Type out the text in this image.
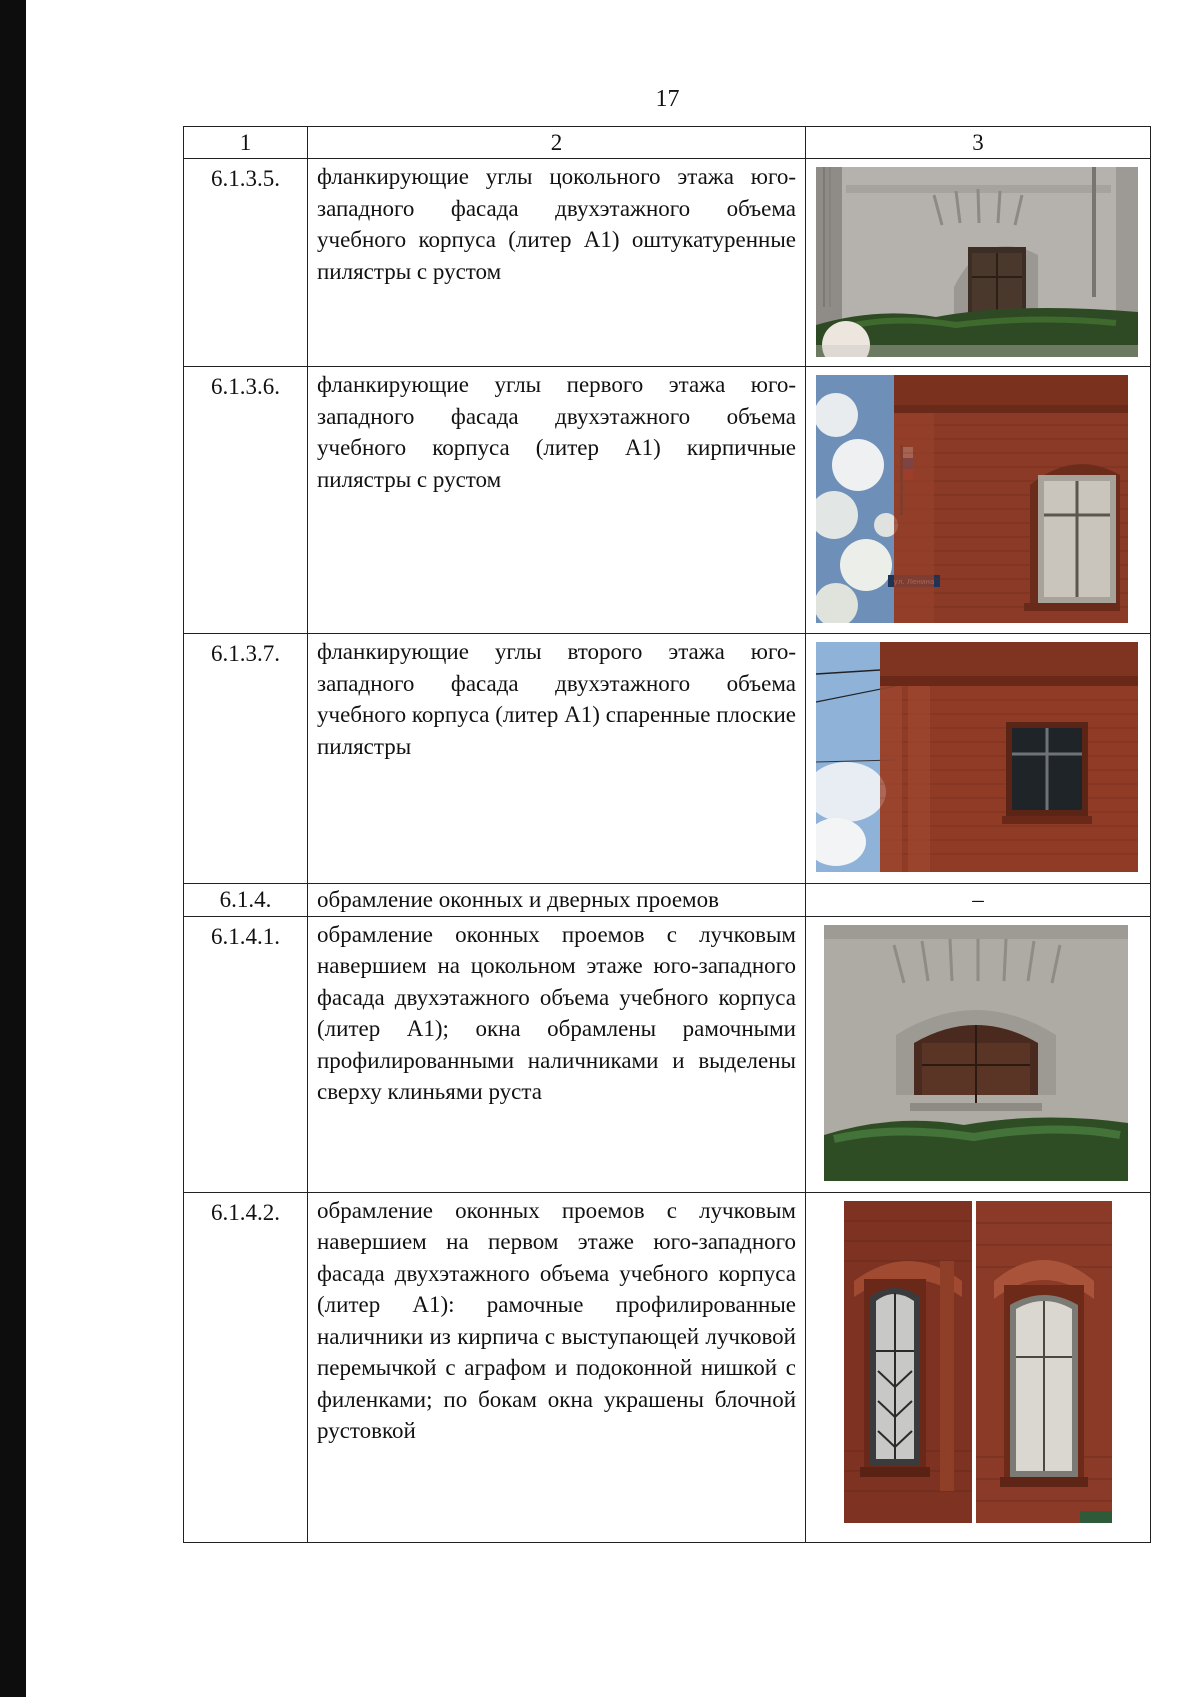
17
1	2	3
6.1.3.5.	фланкирующие углы цокольного этажа юго-западного фасада двухэтажного объема учебного корпуса (литер А1) оштукатуренные пилястры с рустом	

6.1.3.6.	фланкирующие углы первого этажа юго-западного фасада двухэтажного объема учебного корпуса (литер А1) кирпичные пилястры с рустом	

6.1.3.7.	фланкирующие углы второго этажа юго-западного фасада двухэтажного объема учебного корпуса (литер А1) спаренные плоские пилястры	

6.1.4.	обрамление оконных и дверных проемов	–
6.1.4.1.	обрамление оконных проемов с лучковым навершием на цокольном этаже юго-западного фасада двухэтажного объема учебного корпуса (литер А1); окна обрамлены рамочными профилированными наличниками и выделены сверху клиньями руста	

6.1.4.2.	обрамление оконных проемов с лучковым навершием на первом этаже юго-западного фасада двухэтажного объема учебного корпуса (литер А1): рамочные профилированные наличники из кирпича с выступающей лучковой перемычкой с аграфом и подоконной нишкой с филенками; по бокам окна украшены блочной рустовкой	
